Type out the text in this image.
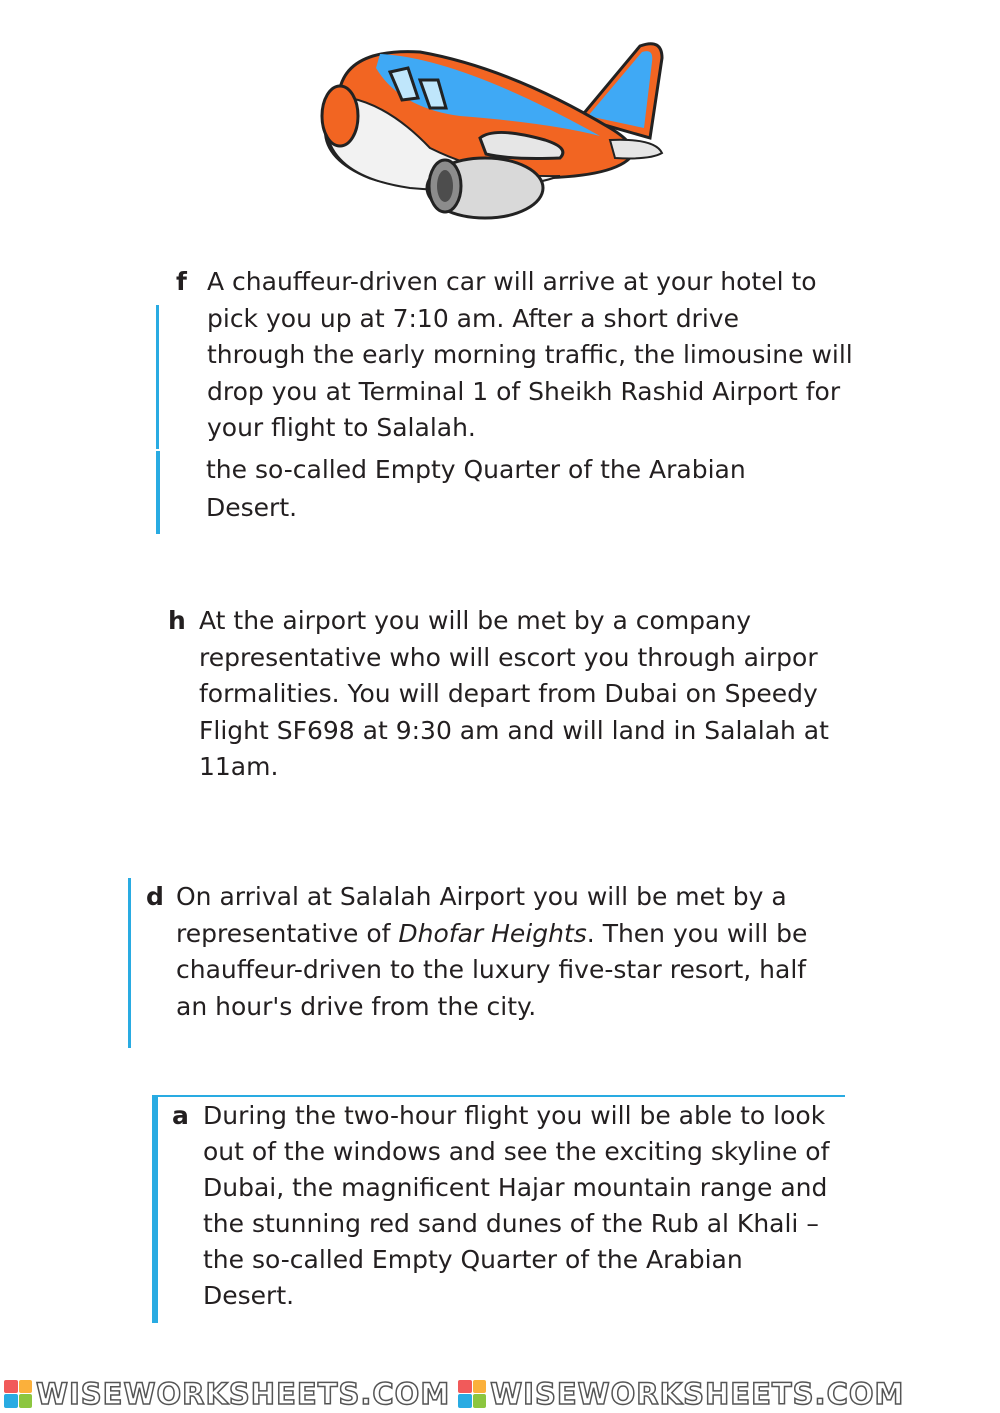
f A chauffeur-driven car will arrive at your hotel to
pick you up at 7:10 am. After a short drive
through the early morning traffic, the limousine will
drop you at Terminal 1 of Sheikh Rashid Airport for
your flight to Salalah.
the so-called Empty Quarter of the Arabian
Desert.
h At the airport you will be met by a company
representative who will escort you through airpor
formalities. You will depart from Dubai on Speedy
Flight SF698 at 9:30 am and will land in Salalah at
11am.
d On arrival at Salalah Airport you will be met by a
representative of Dhofar Heights. Then you will be
chauffeur-driven to the luxury five-star resort, half
an hour's drive from the city.
a During the two-hour flight you will be able to look
out of the windows and see the exciting skyline of
Dubai, the magnificent Hajar mountain range and
the stunning red sand dunes of the Rub al Khali –
the so-called Empty Quarter of the Arabian
Desert.
WISEWORKSHEETS.COM WISEWORKSHEETS.COM
